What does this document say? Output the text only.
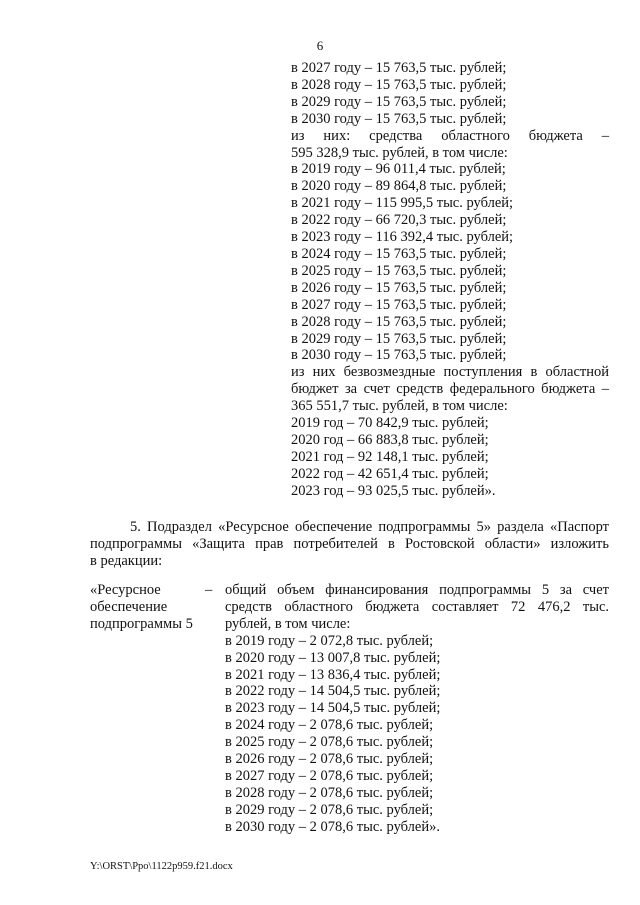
6
в 2027 году – 15 763,5 тыс. рублей;
в 2028 году – 15 763,5 тыс. рублей;
в 2029 году – 15 763,5 тыс. рублей;
в 2030 году – 15 763,5 тыс. рублей;
из них: средства областного бюджета –
595 328,9 тыс. рублей, в том числе:
в 2019 году – 96 011,4 тыс. рублей;
в 2020 году – 89 864,8 тыс. рублей;
в 2021 году – 115 995,5 тыс. рублей;
в 2022 году – 66 720,3 тыс. рублей;
в 2023 году – 116 392,4 тыс. рублей;
в 2024 году – 15 763,5 тыс. рублей;
в 2025 году – 15 763,5 тыс. рублей;
в 2026 году – 15 763,5 тыс. рублей;
в 2027 году – 15 763,5 тыс. рублей;
в 2028 году – 15 763,5 тыс. рублей;
в 2029 году – 15 763,5 тыс. рублей;
в 2030 году – 15 763,5 тыс. рублей;
из них безвозмездные поступления в областной
бюджет за счет средств федерального бюджета –
365 551,7 тыс. рублей, в том числе:
2019 год – 70 842,9 тыс. рублей;
2020 год – 66 883,8 тыс. рублей;
2021 год – 92 148,1 тыс. рублей;
2022 год – 42 651,4 тыс. рублей;
2023 год – 93 025,5 тыс. рублей».
5. Подраздел «Ресурсное обеспечение подпрограммы 5» раздела «Паспорт
подпрограммы «Защита прав потребителей в Ростовской области» изложить
в редакции:
«Ресурсное
обеспечение
подпрограммы 5
– общий объем финансирования подпрограммы 5 за счет
средств областного бюджета составляет 72 476,2 тыс.
рублей, в том числе:
в 2019 году – 2 072,8 тыс. рублей;
в 2020 году – 13 007,8 тыс. рублей;
в 2021 году – 13 836,4 тыс. рублей;
в 2022 году – 14 504,5 тыс. рублей;
в 2023 году – 14 504,5 тыс. рублей;
в 2024 году – 2 078,6 тыс. рублей;
в 2025 году – 2 078,6 тыс. рублей;
в 2026 году – 2 078,6 тыс. рублей;
в 2027 году – 2 078,6 тыс. рублей;
в 2028 году – 2 078,6 тыс. рублей;
в 2029 году – 2 078,6 тыс. рублей;
в 2030 году – 2 078,6 тыс. рублей».
Y:\ORST\Ppo\1122p959.f21.docx
